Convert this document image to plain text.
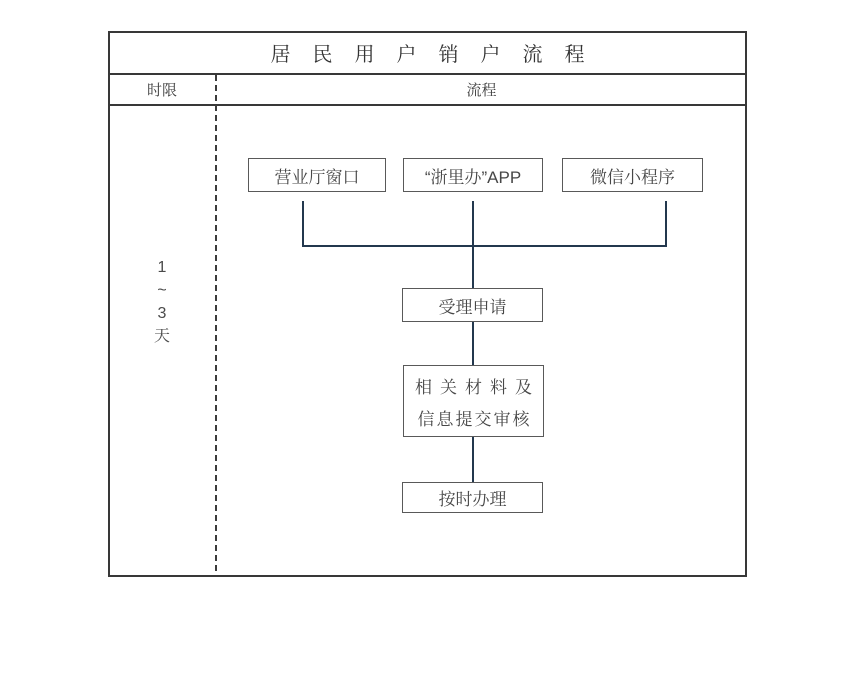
居民用户销户流程
时限	流程
1
~
3
天
营业厅窗口	“浙里办”APP	微信小程序
受理申请
相关材料及
信息提交审核
按时办理
